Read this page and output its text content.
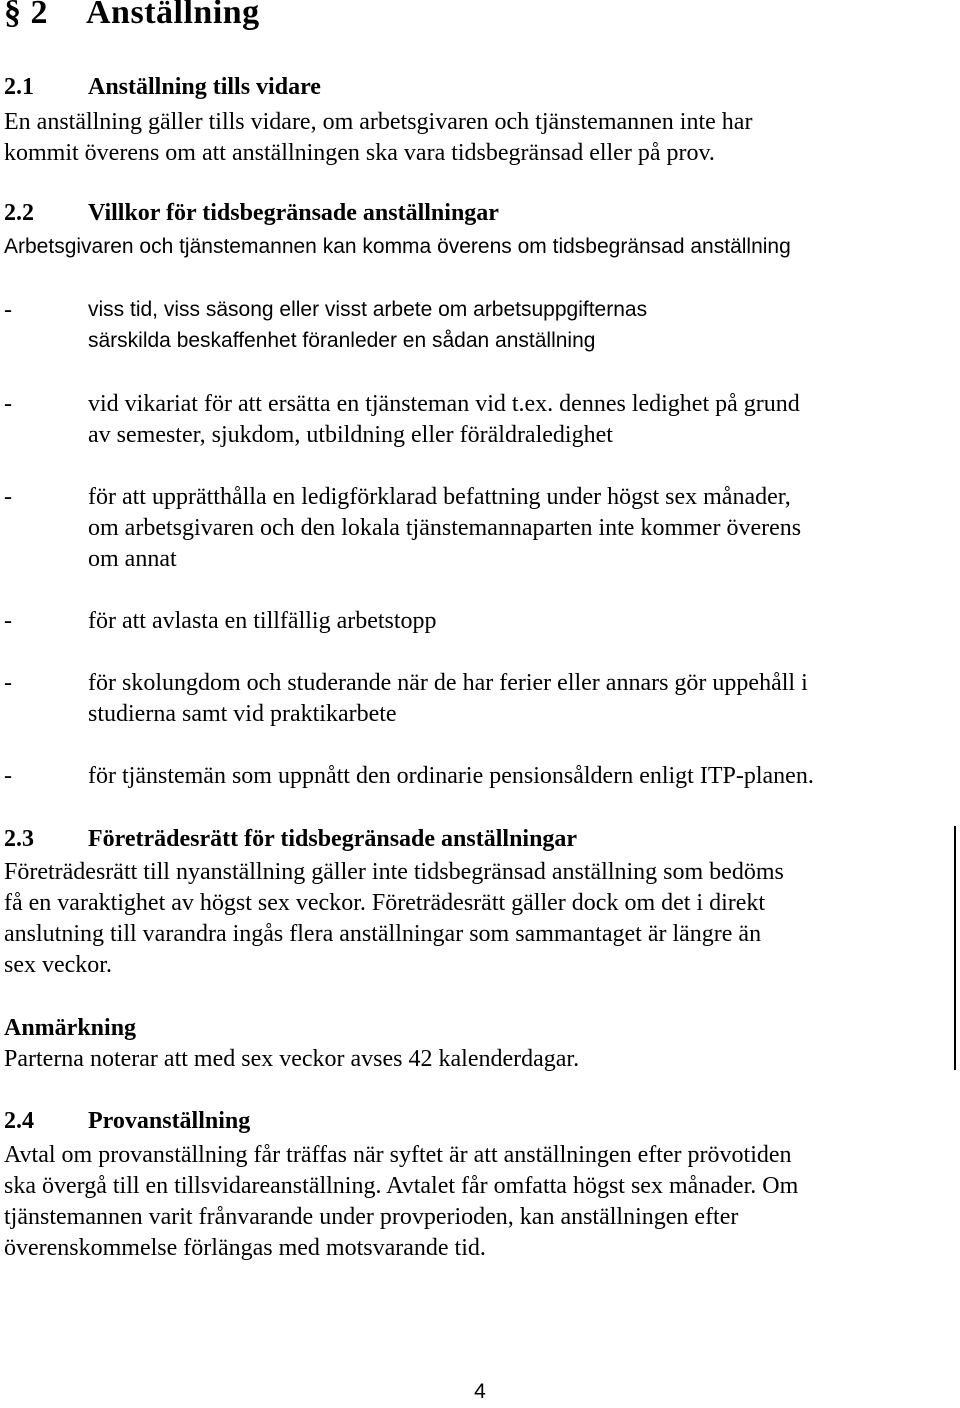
§ 2 Anställning
2.1 Anställning tills vidare
En anställning gäller tills vidare, om arbetsgivaren och tjänstemannen inte har
kommit överens om att anställningen ska vara tidsbegränsad eller på prov.
2.2 Villkor för tidsbegränsade anställningar
Arbetsgivaren och tjänstemannen kan komma överens om tidsbegränsad anställning
-	viss tid, viss säsong eller visst arbete om arbetsuppgifternas
särskilda beskaffenhet föranleder en sådan anställning
-	vid vikariat för att ersätta en tjänsteman vid t.ex. dennes ledighet på grund
av semester, sjukdom, utbildning eller föräldraledighet
-	för att upprätthålla en ledigförklarad befattning under högst sex månader,
om arbetsgivaren och den lokala tjänstemannaparten inte kommer överens
om annat
-	för att avlasta en tillfällig arbetstopp
-	för skolungdom och studerande när de har ferier eller annars gör uppehåll i
studierna samt vid praktikarbete
-	för tjänstemän som uppnått den ordinarie pensionsåldern enligt ITP-planen.
2.3 Företrädesrätt för tidsbegränsade anställningar
Företrädesrätt till nyanställning gäller inte tidsbegränsad anställning som bedöms
få en varaktighet av högst sex veckor. Företrädesrätt gäller dock om det i direkt
anslutning till varandra ingås flera anställningar som sammantaget är längre än
sex veckor.
Anmärkning
Parterna noterar att med sex veckor avses 42 kalenderdagar.
2.4 Provanställning
Avtal om provanställning får träffas när syftet är att anställningen efter prövotiden
ska övergå till en tillsvidareanställning. Avtalet får omfatta högst sex månader. Om
tjänstemannen varit frånvarande under provperioden, kan anställningen efter
överenskommelse förlängas med motsvarande tid.
4
